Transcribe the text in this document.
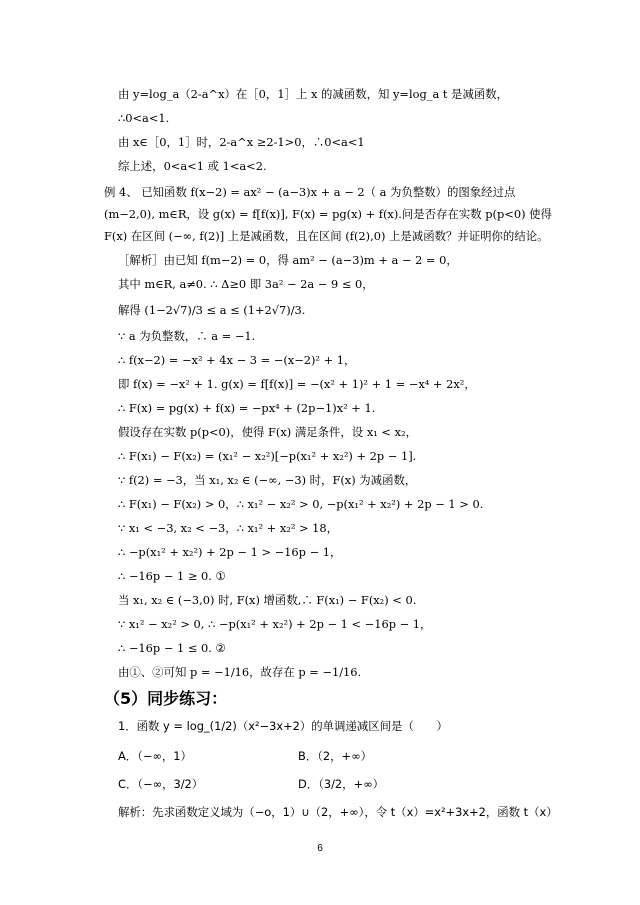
由 y=log_a（2-a^x）在［0，1］上 x 的减函数，知 y=log_a t 是减函数，
∴0<a<1.
由 x∈［0，1］时，2-a^x ≥2-1>0，∴0<a<1
综上述，0<a<1 或 1<a<2.
例 4、 已知函数 f(x−2) = ax² − (a−3)x + a − 2（ a 为负整数）的图象经过点
(m−2,0), m∈R，设 g(x) = f[f(x)], F(x) = pg(x) + f(x).问是否存在实数 p(p<0) 使得
F(x) 在区间 (−∞, f(2)] 上是减函数，且在区间 (f(2),0) 上是减函数？并证明你的结论。
［解析］由已知 f(m−2) = 0，得 am² − (a−3)m + a − 2 = 0，
其中 m∈R, a≠0. ∴ Δ≥0 即 3a² − 2a − 9 ≤ 0，
解得 (1−2√7)/3 ≤ a ≤ (1+2√7)/3.
∵ a 为负整数，∴ a = −1.
∴ f(x−2) = −x² + 4x − 3 = −(x−2)² + 1，
即 f(x) = −x² + 1. g(x) = f[f(x)] = −(x² + 1)² + 1 = −x⁴ + 2x²，
∴ F(x) = pg(x) + f(x) = −px⁴ + (2p−1)x² + 1.
假设存在实数 p(p<0)，使得 F(x) 满足条件，设 x₁ < x₂，
∴ F(x₁) − F(x₂) = (x₁² − x₂²)[−p(x₁² + x₂²) + 2p − 1].
∵ f(2) = −3，当 x₁, x₂ ∈ (−∞, −3) 时，F(x) 为减函数，
∴ F(x₁) − F(x₂) > 0，∴ x₁² − x₂² > 0, −p(x₁² + x₂²) + 2p − 1 > 0.
∵ x₁ < −3, x₂ < −3，∴ x₁² + x₂² > 18，
∴ −p(x₁² + x₂²) + 2p − 1 > −16p − 1，
∴ −16p − 1 ≥ 0. ①
当 x₁, x₂ ∈ (−3,0) 时, F(x) 增函数,∴ F(x₁) − F(x₂) < 0.
∵ x₁² − x₂² > 0, ∴ −p(x₁² + x₂²) + 2p − 1 < −16p − 1，
∴ −16p − 1 ≤ 0. ②
由①、②可知 p = −1/16，故存在 p = −1/16.
（5）同步练习：
1．函数 y = log_(1/2)（x²−3x+2）的单调递减区间是（　　）
A．（−∞，1）	B．（2，+∞）
C．（−∞，3/2）	D．（3/2，+∞）
解析：先求函数定义域为（−o，1）∪（2，+∞），令 t（x）=x²+3x+2，函数 t（x）
6
